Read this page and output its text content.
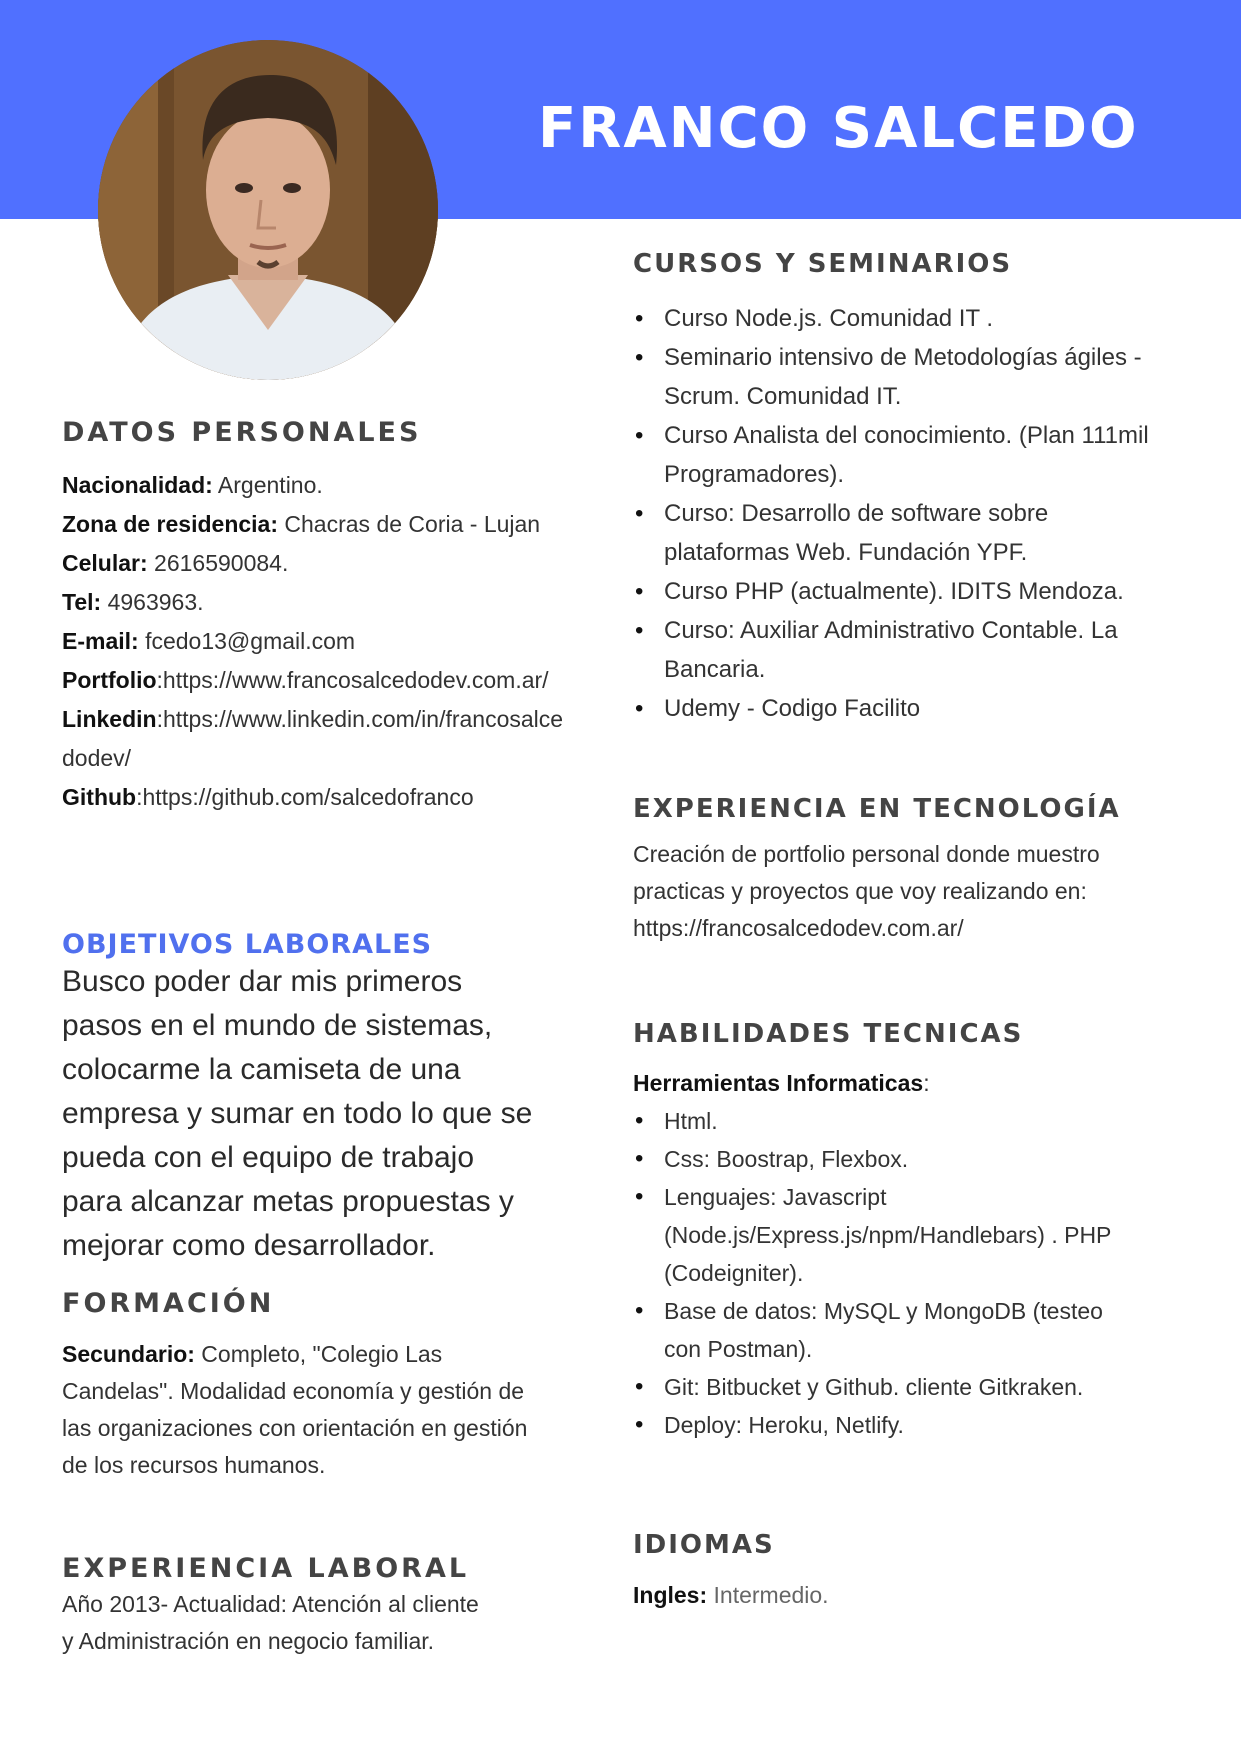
FRANCO SALCEDO
DATOS PERSONALES
Nacionalidad: Argentino.
Zona de residencia: Chacras de Coria - Lujan
Celular: 2616590084.
Tel: 4963963.
E-mail: fcedo13@gmail.com
Portfolio:https://www.francosalcedodev.com.ar/
Linkedin:https://www.linkedin.com/in/francosalcedodev/
Github:https://github.com/salcedofranco
OBJETIVOS LABORALES
Busco poder dar mis primeros pasos en el mundo de sistemas, colocarme la camiseta de una empresa y sumar en todo lo que se pueda con el equipo de trabajo para alcanzar metas propuestas y mejorar como desarrollador.
FORMACIÓN
Secundario: Completo, "Colegio Las Candelas". Modalidad economía y gestión de las organizaciones con orientación en gestión de los recursos humanos.
EXPERIENCIA LABORAL
Año 2013- Actualidad: Atención al cliente y Administración en negocio familiar.
CURSOS Y SEMINARIOS
• Curso Node.js. Comunidad IT .
• Seminario intensivo de Metodologías ágiles - Scrum. Comunidad IT.
• Curso Analista del conocimiento. (Plan 111mil Programadores).
• Curso: Desarrollo de software sobre plataformas Web. Fundación YPF.
• Curso PHP (actualmente). IDITS Mendoza.
• Curso: Auxiliar Administrativo Contable. La Bancaria.
• Udemy - Codigo Facilito
EXPERIENCIA EN TECNOLOGÍA
Creación de portfolio personal donde muestro practicas y proyectos que voy realizando en:
https://francosalcedodev.com.ar/
HABILIDADES TECNICAS
Herramientas Informaticas:
• Html.
• Css: Boostrap, Flexbox.
• Lenguajes: Javascript (Node.js/Express.js/npm/Handlebars) . PHP (Codeigniter).
• Base de datos: MySQL y MongoDB (testeo con Postman).
• Git: Bitbucket y Github. cliente Gitkraken.
• Deploy: Heroku, Netlify.
IDIOMAS
Ingles: Intermedio.
